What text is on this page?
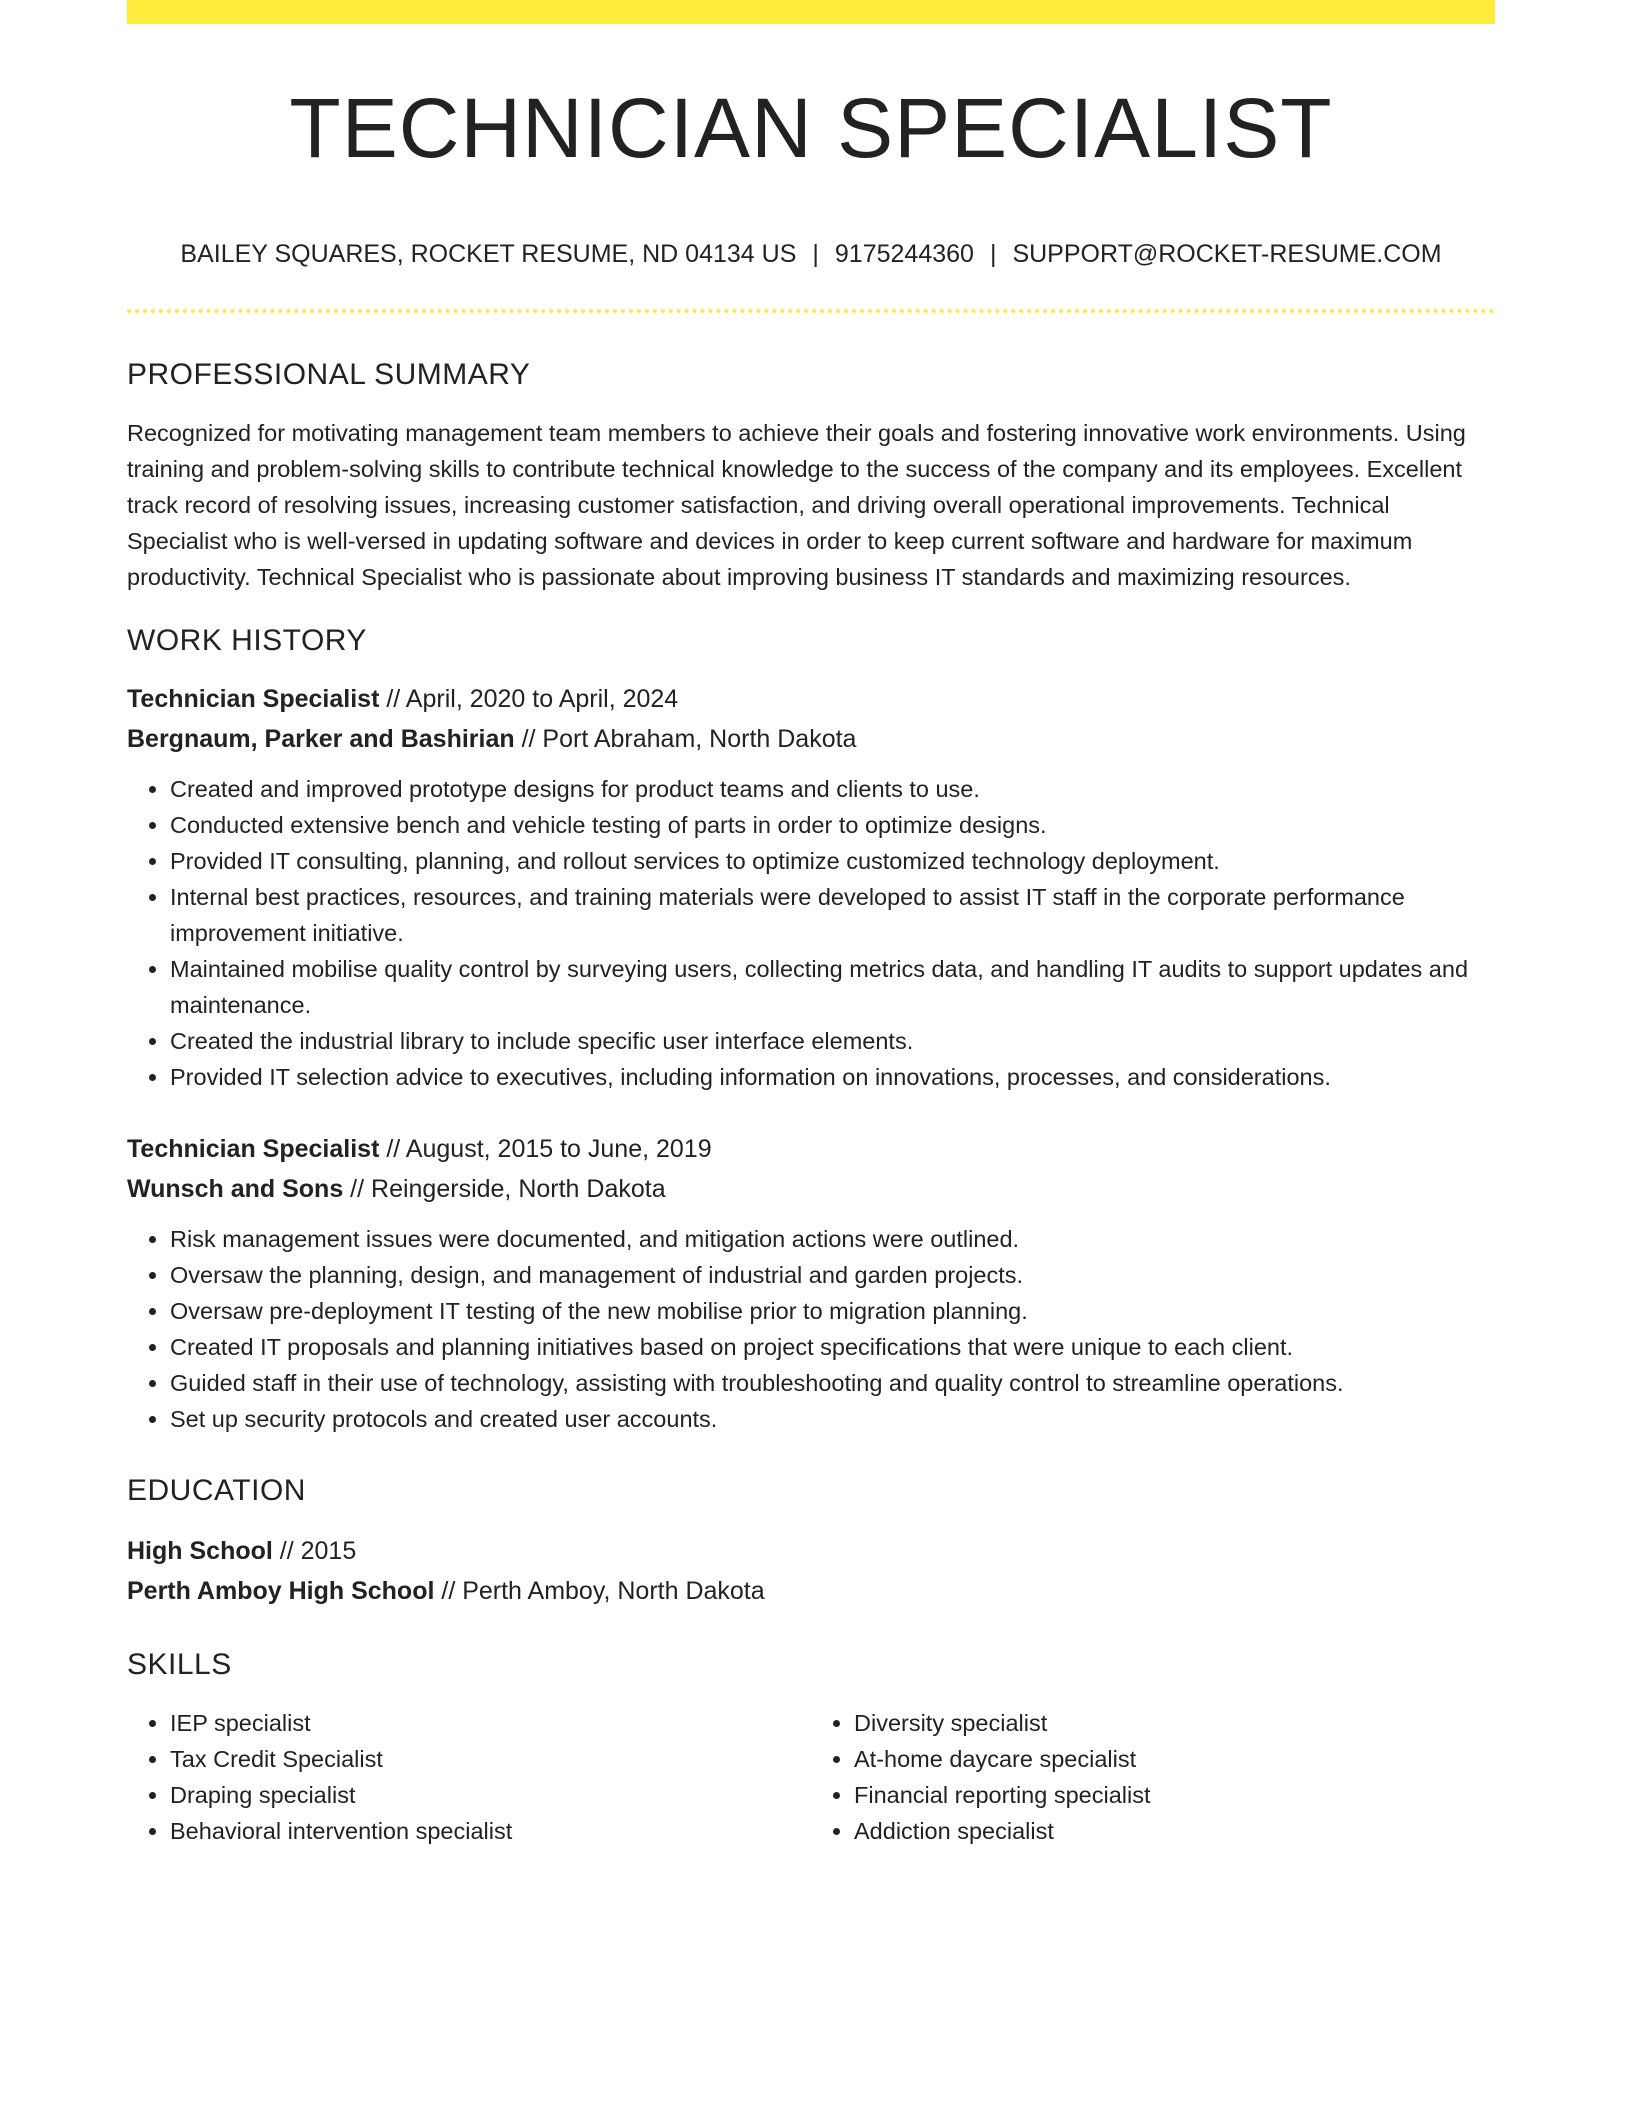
TECHNICIAN SPECIALIST
BAILEY SQUARES, ROCKET RESUME, ND 04134 US | 9175244360 | SUPPORT@ROCKET-RESUME.COM
PROFESSIONAL SUMMARY
Recognized for motivating management team members to achieve their goals and fostering innovative work environments. Using training and problem-solving skills to contribute technical knowledge to the success of the company and its employees. Excellent track record of resolving issues, increasing customer satisfaction, and driving overall operational improvements. Technical Specialist who is well-versed in updating software and devices in order to keep current software and hardware for maximum productivity. Technical Specialist who is passionate about improving business IT standards and maximizing resources.
WORK HISTORY
Technician Specialist // April, 2020 to April, 2024
Bergnaum, Parker and Bashirian // Port Abraham, North Dakota
• Created and improved prototype designs for product teams and clients to use.
• Conducted extensive bench and vehicle testing of parts in order to optimize designs.
• Provided IT consulting, planning, and rollout services to optimize customized technology deployment.
• Internal best practices, resources, and training materials were developed to assist IT staff in the corporate performance improvement initiative.
• Maintained mobilise quality control by surveying users, collecting metrics data, and handling IT audits to support updates and maintenance.
• Created the industrial library to include specific user interface elements.
• Provided IT selection advice to executives, including information on innovations, processes, and considerations.
Technician Specialist // August, 2015 to June, 2019
Wunsch and Sons // Reingerside, North Dakota
• Risk management issues were documented, and mitigation actions were outlined.
• Oversaw the planning, design, and management of industrial and garden projects.
• Oversaw pre-deployment IT testing of the new mobilise prior to migration planning.
• Created IT proposals and planning initiatives based on project specifications that were unique to each client.
• Guided staff in their use of technology, assisting with troubleshooting and quality control to streamline operations.
• Set up security protocols and created user accounts.
EDUCATION
High School // 2015
Perth Amboy High School // Perth Amboy, North Dakota
SKILLS
• IEP specialist
• Tax Credit Specialist
• Draping specialist
• Behavioral intervention specialist
• Diversity specialist
• At-home daycare specialist
• Financial reporting specialist
• Addiction specialist
